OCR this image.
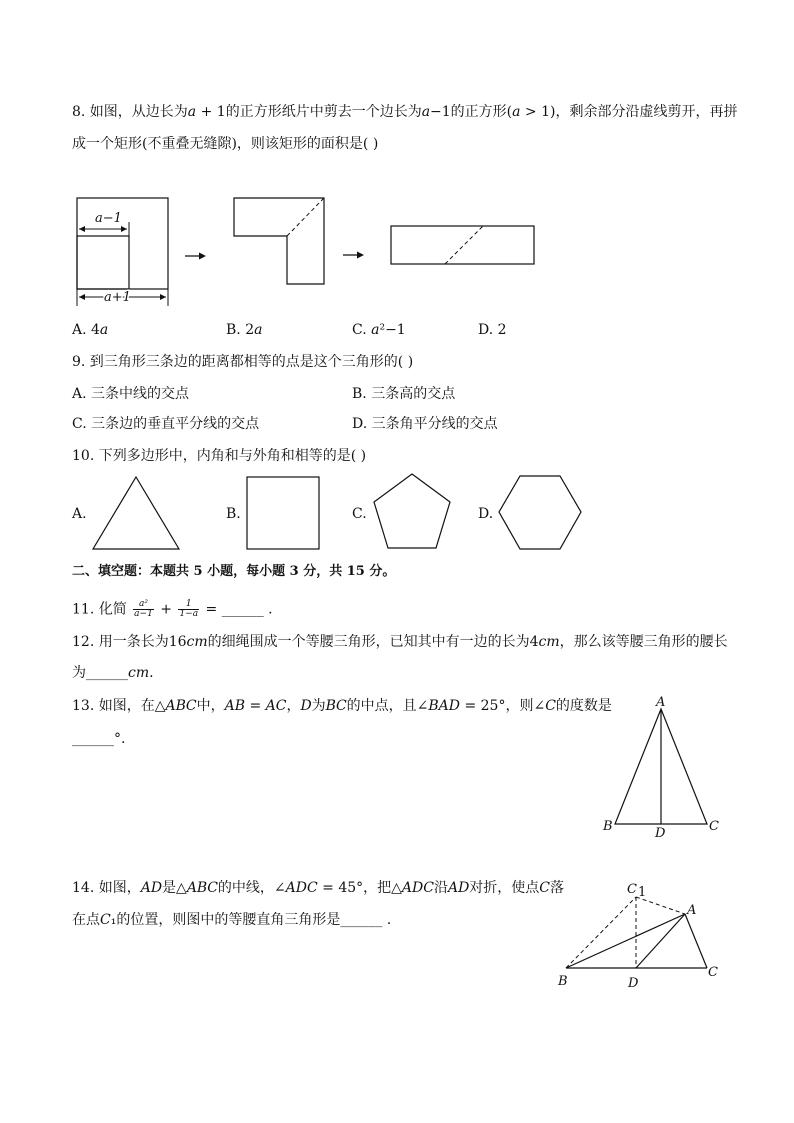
8. 如图，从边长为𝑎 + 1的正方形纸片中剪去一个边长为𝑎−1的正方形(𝑎 > 1)，剩余部分沿虚线剪开，再拼
成一个矩形(不重叠无缝隙)，则该矩形的面积是( )
a−1
a+1
A. 4𝑎	B. 2𝑎	C. 𝑎²−1	D. 2
9. 到三角形三条边的距离都相等的点是这个三角形的( )
A. 三条中线的交点	B. 三条高的交点
C. 三条边的垂直平分线的交点	D. 三条角平分线的交点
10. 下列多边形中，内角和与外角和相等的是( )
A.	B.	C.	D.
二、填空题：本题共 5 小题，每小题 3 分，共 15 分。
11. 化简 $\frac{\text{a²}}{a-1} + \frac{1}{1-a}$ = ______ .
12. 用一条长为16𝑐𝑚的细绳围成一个等腰三角形，已知其中有一边的长为4𝑐𝑚，那么该等腰三角形的腰长
为______𝑐𝑚.
13. 如图，在△𝐴𝐵𝐶中，𝐴𝐵 = 𝐴𝐶，𝐷为𝐵𝐶的中点，且∠𝐵𝐴𝐷 = 25°，则∠𝐶的度数是
______°.
A
B	C
D
14. 如图，𝐴𝐷是△𝐴𝐵𝐶的中线，∠𝐴𝐷𝐶 = 45°，把△𝐴𝐷𝐶沿𝐴𝐷对折，使点𝐶落
在点𝐶₁的位置，则图中的等腰直角三角形是______ .
C 1
A
B	D
C
